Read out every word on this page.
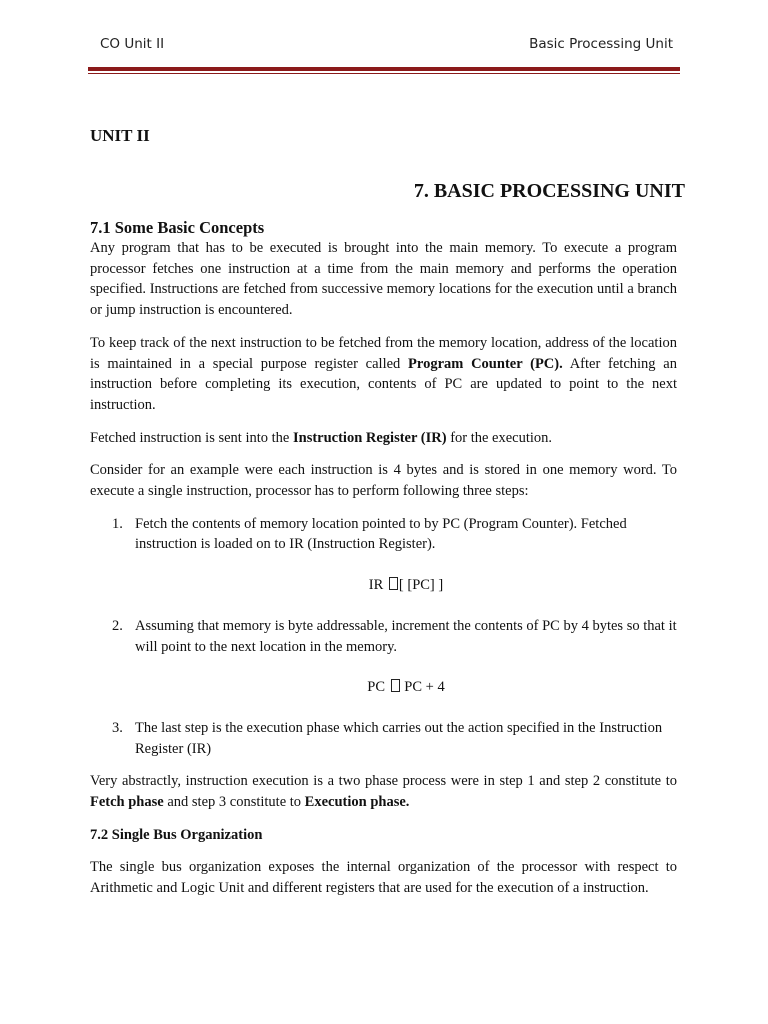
CO Unit II	Basic Processing Unit
UNIT II
7. BASIC PROCESSING UNIT
7.1 Some Basic Concepts

Any program that has to be executed is brought into the main memory. To execute a program processor fetches one instruction at a time from the main memory and performs the operation specified. Instructions are fetched from successive memory locations for the execution until a branch or jump instruction is encountered.

To keep track of the next instruction to be fetched from the memory location, address of the location is maintained in a special purpose register called Program Counter (PC). After fetching an instruction before completing its execution, contents of PC are updated to point to the next instruction.

Fetched instruction is sent into the Instruction Register (IR) for the execution.

Consider for an example were each instruction is 4 bytes and is stored in one memory word. To execute a single instruction, processor has to perform following three steps:

1. Fetch the contents of memory location pointed to by PC (Program Counter). Fetched instruction is loaded on to IR (Instruction Register).
IR [ [PC] ]
2. Assuming that memory is byte addressable, increment the contents of PC by 4 bytes so that it will point to the next location in the memory.
PC  PC + 4
3. The last step is the execution phase which carries out the action specified in the Instruction Register (IR)

Very abstractly, instruction execution is a two phase process were in step 1 and step 2 constitute to Fetch phase and step 3 constitute to Execution phase.

7.2 Single Bus Organization

The single bus organization exposes the internal organization of the processor with respect to Arithmetic and Logic Unit and different registers that are used for the execution of a instruction.
